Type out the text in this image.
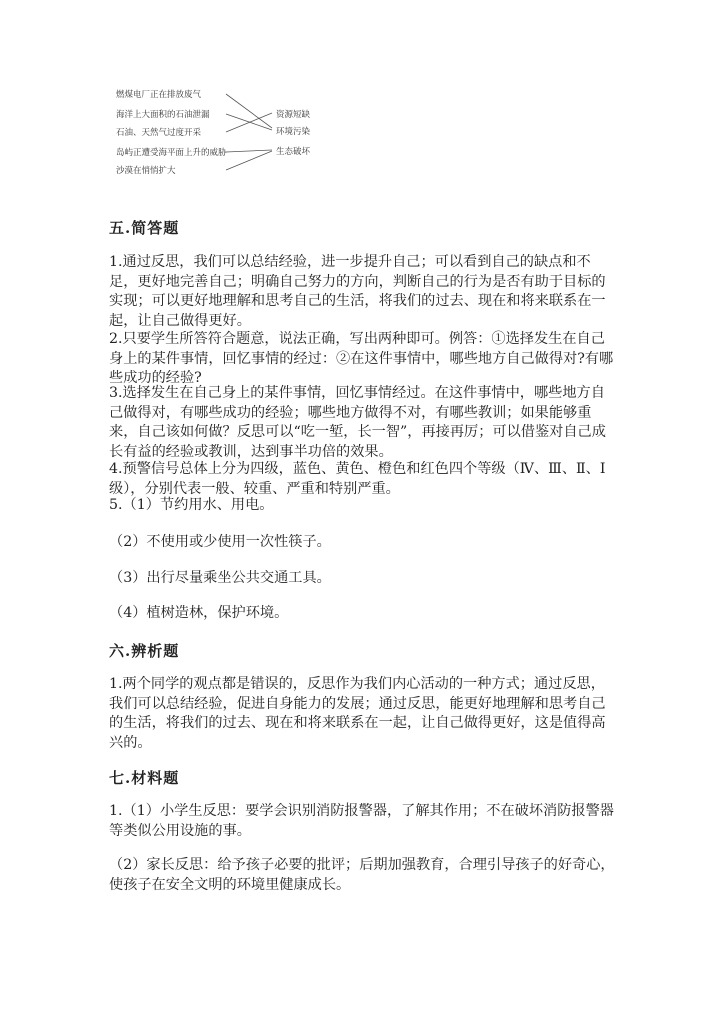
燃煤电厂正在排放废气
海洋上大面积的石油泄漏
石油、天然气过度开采
岛屿正遭受海平面上升的威胁
沙漠在悄悄扩大
资源短缺
环境污染
生态破坏
五.简答题
1.通过反思，我们可以总结经验，进一步提升自己；可以看到自己的缺点和不足，更好地完善自己；明确自己努力的方向，判断自己的行为是否有助于目标的实现；可以更好地理解和思考自己的生活，将我们的过去、现在和将来联系在一起，让自己做得更好。
2.只要学生所答符合题意，说法正确，写出两种即可。例答：①选择发生在自己身上的某件事情，回忆事情的经过：②在这件事情中，哪些地方自己做得对?有哪些成功的经验?
3.选择发生在自己身上的某件事情，回忆事情经过。在这件事情中，哪些地方自己做得对，有哪些成功的经验；哪些地方做得不对，有哪些教训；如果能够重来，自己该如何做？反思可以“吃一堑，长一智”，再接再厉；可以借鉴对自己成长有益的经验或教训，达到事半功倍的效果。
4.预警信号总体上分为四级，蓝色、黄色、橙色和红色四个等级（Ⅳ、Ⅲ、Ⅱ、Ⅰ级），分别代表一般、较重、严重和特别严重。
5.（1）节约用水、用电。
（2）不使用或少使用一次性筷子。
（3）出行尽量乘坐公共交通工具。
（4）植树造林，保护环境。
六.辨析题
1.两个同学的观点都是错误的，反思作为我们内心活动的一种方式；通过反思，我们可以总结经验，促进自身能力的发展；通过反思，能更好地理解和思考自己的生活，将我们的过去、现在和将来联系在一起，让自己做得更好，这是值得高兴的。
七.材料题
1.（1）小学生反思：要学会识别消防报警器，了解其作用；不在破坏消防报警器等类似公用设施的事。
（2）家长反思：给予孩子必要的批评；后期加强教育，合理引导孩子的好奇心，使孩子在安全文明的环境里健康成长。
